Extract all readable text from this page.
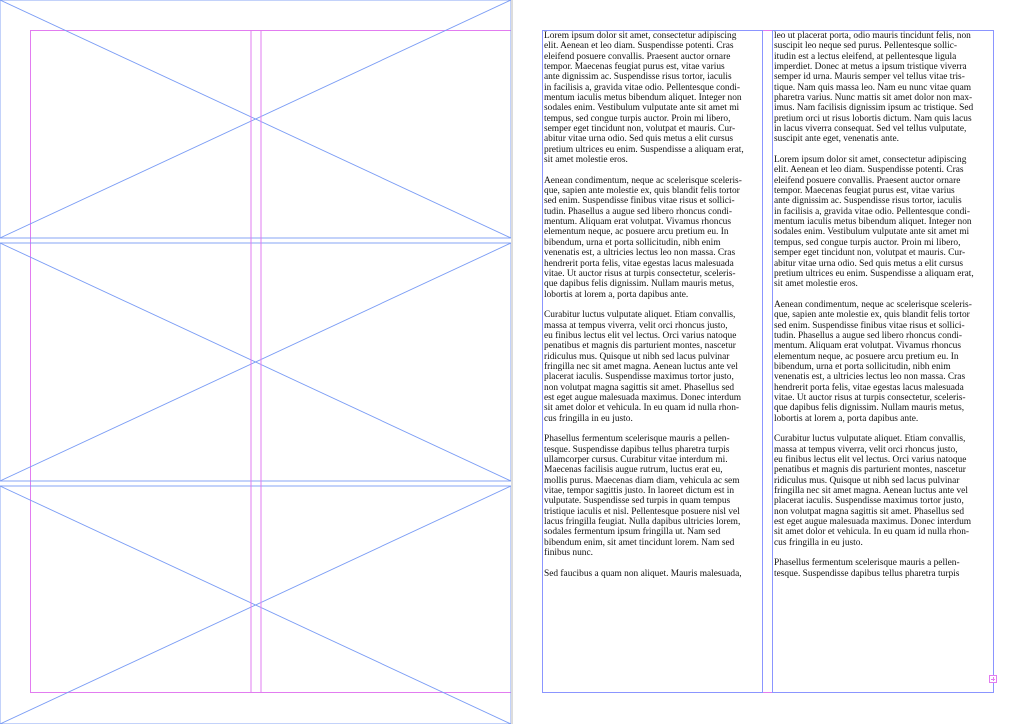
Lorem ipsum dolor sit amet, consectetur adipiscing
elit. Aenean et leo diam. Suspendisse potenti. Cras
eleifend posuere convallis. Praesent auctor ornare
tempor. Maecenas feugiat purus est, vitae varius
ante dignissim ac. Suspendisse risus tortor, iaculis
in facilisis a, gravida vitae odio. Pellentesque condi-
mentum iaculis metus bibendum aliquet. Integer non
sodales enim. Vestibulum vulputate ante sit amet mi
tempus, sed congue turpis auctor. Proin mi libero,
semper eget tincidunt non, volutpat et mauris. Cur-
abitur vitae urna odio. Sed quis metus a elit cursus
pretium ultrices eu enim. Suspendisse a aliquam erat,
sit amet molestie eros.

Aenean condimentum, neque ac scelerisque sceleris-
que, sapien ante molestie ex, quis blandit felis tortor
sed enim. Suspendisse finibus vitae risus et sollici-
tudin. Phasellus a augue sed libero rhoncus condi-
mentum. Aliquam erat volutpat. Vivamus rhoncus
elementum neque, ac posuere arcu pretium eu. In
bibendum, urna et porta sollicitudin, nibh enim
venenatis est, a ultricies lectus leo non massa. Cras
hendrerit porta felis, vitae egestas lacus malesuada
vitae. Ut auctor risus at turpis consectetur, sceleris-
que dapibus felis dignissim. Nullam mauris metus,
lobortis at lorem a, porta dapibus ante.

Curabitur luctus vulputate aliquet. Etiam convallis,
massa at tempus viverra, velit orci rhoncus justo,
eu finibus lectus elit vel lectus. Orci varius natoque
penatibus et magnis dis parturient montes, nascetur
ridiculus mus. Quisque ut nibh sed lacus pulvinar
fringilla nec sit amet magna. Aenean luctus ante vel
placerat iaculis. Suspendisse maximus tortor justo,
non volutpat magna sagittis sit amet. Phasellus sed
est eget augue malesuada maximus. Donec interdum
sit amet dolor et vehicula. In eu quam id nulla rhon-
cus fringilla in eu justo.

Phasellus fermentum scelerisque mauris a pellen-
tesque. Suspendisse dapibus tellus pharetra turpis
ullamcorper cursus. Curabitur vitae interdum mi.
Maecenas facilisis augue rutrum, luctus erat eu,
mollis purus. Maecenas diam diam, vehicula ac sem
vitae, tempor sagittis justo. In laoreet dictum est in
vulputate. Suspendisse sed turpis in quam tempus
tristique iaculis et nisl. Pellentesque posuere nisl vel
lacus fringilla feugiat. Nulla dapibus ultricies lorem,
sodales fermentum ipsum fringilla ut. Nam sed
bibendum enim, sit amet tincidunt lorem. Nam sed
finibus nunc.

Sed faucibus a quam non aliquet. Mauris malesuada,

leo ut placerat porta, odio mauris tincidunt felis, non
suscipit leo neque sed purus. Pellentesque sollic-
itudin est a lectus eleifend, at pellentesque ligula
imperdiet. Donec at metus a ipsum tristique viverra
semper id urna. Mauris semper vel tellus vitae tris-
tique. Nam quis massa leo. Nam eu nunc vitae quam
pharetra varius. Nunc mattis sit amet dolor non max-
imus. Nam facilisis dignissim ipsum ac tristique. Sed
pretium orci ut risus lobortis dictum. Nam quis lacus
in lacus viverra consequat. Sed vel tellus vulputate,
suscipit ante eget, venenatis ante.

Lorem ipsum dolor sit amet, consectetur adipiscing
elit. Aenean et leo diam. Suspendisse potenti. Cras
eleifend posuere convallis. Praesent auctor ornare
tempor. Maecenas feugiat purus est, vitae varius
ante dignissim ac. Suspendisse risus tortor, iaculis
in facilisis a, gravida vitae odio. Pellentesque condi-
mentum iaculis metus bibendum aliquet. Integer non
sodales enim. Vestibulum vulputate ante sit amet mi
tempus, sed congue turpis auctor. Proin mi libero,
semper eget tincidunt non, volutpat et mauris. Cur-
abitur vitae urna odio. Sed quis metus a elit cursus
pretium ultrices eu enim. Suspendisse a aliquam erat,
sit amet molestie eros.

Aenean condimentum, neque ac scelerisque sceleris-
que, sapien ante molestie ex, quis blandit felis tortor
sed enim. Suspendisse finibus vitae risus et sollici-
tudin. Phasellus a augue sed libero rhoncus condi-
mentum. Aliquam erat volutpat. Vivamus rhoncus
elementum neque, ac posuere arcu pretium eu. In
bibendum, urna et porta sollicitudin, nibh enim
venenatis est, a ultricies lectus leo non massa. Cras
hendrerit porta felis, vitae egestas lacus malesuada
vitae. Ut auctor risus at turpis consectetur, sceleris-
que dapibus felis dignissim. Nullam mauris metus,
lobortis at lorem a, porta dapibus ante.

Curabitur luctus vulputate aliquet. Etiam convallis,
massa at tempus viverra, velit orci rhoncus justo,
eu finibus lectus elit vel lectus. Orci varius natoque
penatibus et magnis dis parturient montes, nascetur
ridiculus mus. Quisque ut nibh sed lacus pulvinar
fringilla nec sit amet magna. Aenean luctus ante vel
placerat iaculis. Suspendisse maximus tortor justo,
non volutpat magna sagittis sit amet. Phasellus sed
est eget augue malesuada maximus. Donec interdum
sit amet dolor et vehicula. In eu quam id nulla rhon-
cus fringilla in eu justo.

Phasellus fermentum scelerisque mauris a pellen-
tesque. Suspendisse dapibus tellus pharetra turpis
